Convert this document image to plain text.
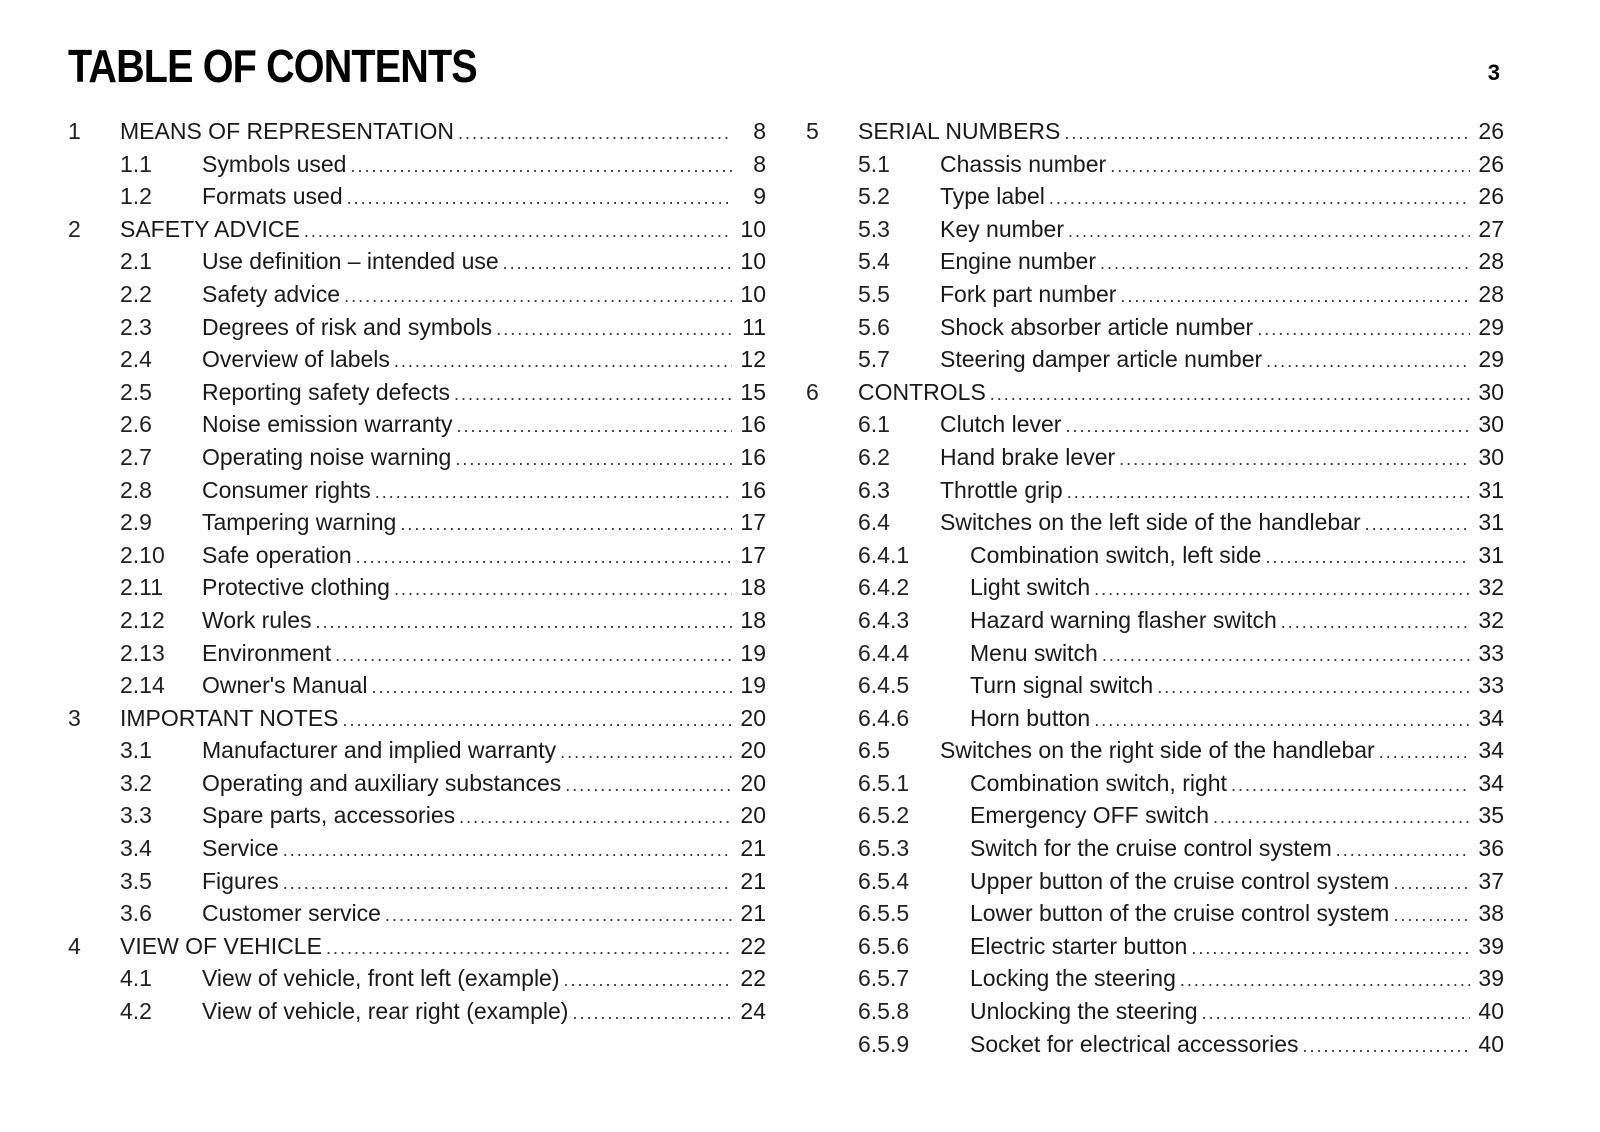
TABLE OF CONTENTS	3
1	MEANS OF REPRESENTATION .....	8
1.1	Symbols used .....	8
1.2	Formats used .....	9
2	SAFETY ADVICE .....	10
2.1	Use definition – intended use .....	10
2.2	Safety advice .....	10
2.3	Degrees of risk and symbols .....	11
2.4	Overview of labels .....	12
2.5	Reporting safety defects .....	15
2.6	Noise emission warranty .....	16
2.7	Operating noise warning .....	16
2.8	Consumer rights .....	16
2.9	Tampering warning .....	17
2.10	Safe operation .....	17
2.11	Protective clothing .....	18
2.12	Work rules .....	18
2.13	Environment .....	19
2.14	Owner's Manual .....	19
3	IMPORTANT NOTES .....	20
3.1	Manufacturer and implied warranty .....	20
3.2	Operating and auxiliary substances .....	20
3.3	Spare parts, accessories .....	20
3.4	Service .....	21
3.5	Figures .....	21
3.6	Customer service .....	21
4	VIEW OF VEHICLE .....	22
4.1	View of vehicle, front left (example) .....	22
4.2	View of vehicle, rear right (example) .....	24
5	SERIAL NUMBERS .....	26
5.1	Chassis number .....	26
5.2	Type label .....	26
5.3	Key number .....	27
5.4	Engine number .....	28
5.5	Fork part number .....	28
5.6	Shock absorber article number .....	29
5.7	Steering damper article number .....	29
6	CONTROLS .....	30
6.1	Clutch lever .....	30
6.2	Hand brake lever .....	30
6.3	Throttle grip .....	31
6.4	Switches on the left side of the handlebar .....	31
6.4.1	Combination switch, left side .....	31
6.4.2	Light switch .....	32
6.4.3	Hazard warning flasher switch .....	32
6.4.4	Menu switch .....	33
6.4.5	Turn signal switch .....	33
6.4.6	Horn button .....	34
6.5	Switches on the right side of the handlebar .....	34
6.5.1	Combination switch, right .....	34
6.5.2	Emergency OFF switch .....	35
6.5.3	Switch for the cruise control system .....	36
6.5.4	Upper button of the cruise control system .....	37
6.5.5	Lower button of the cruise control system .....	38
6.5.6	Electric starter button .....	39
6.5.7	Locking the steering .....	39
6.5.8	Unlocking the steering .....	40
6.5.9	Socket for electrical accessories .....	40
